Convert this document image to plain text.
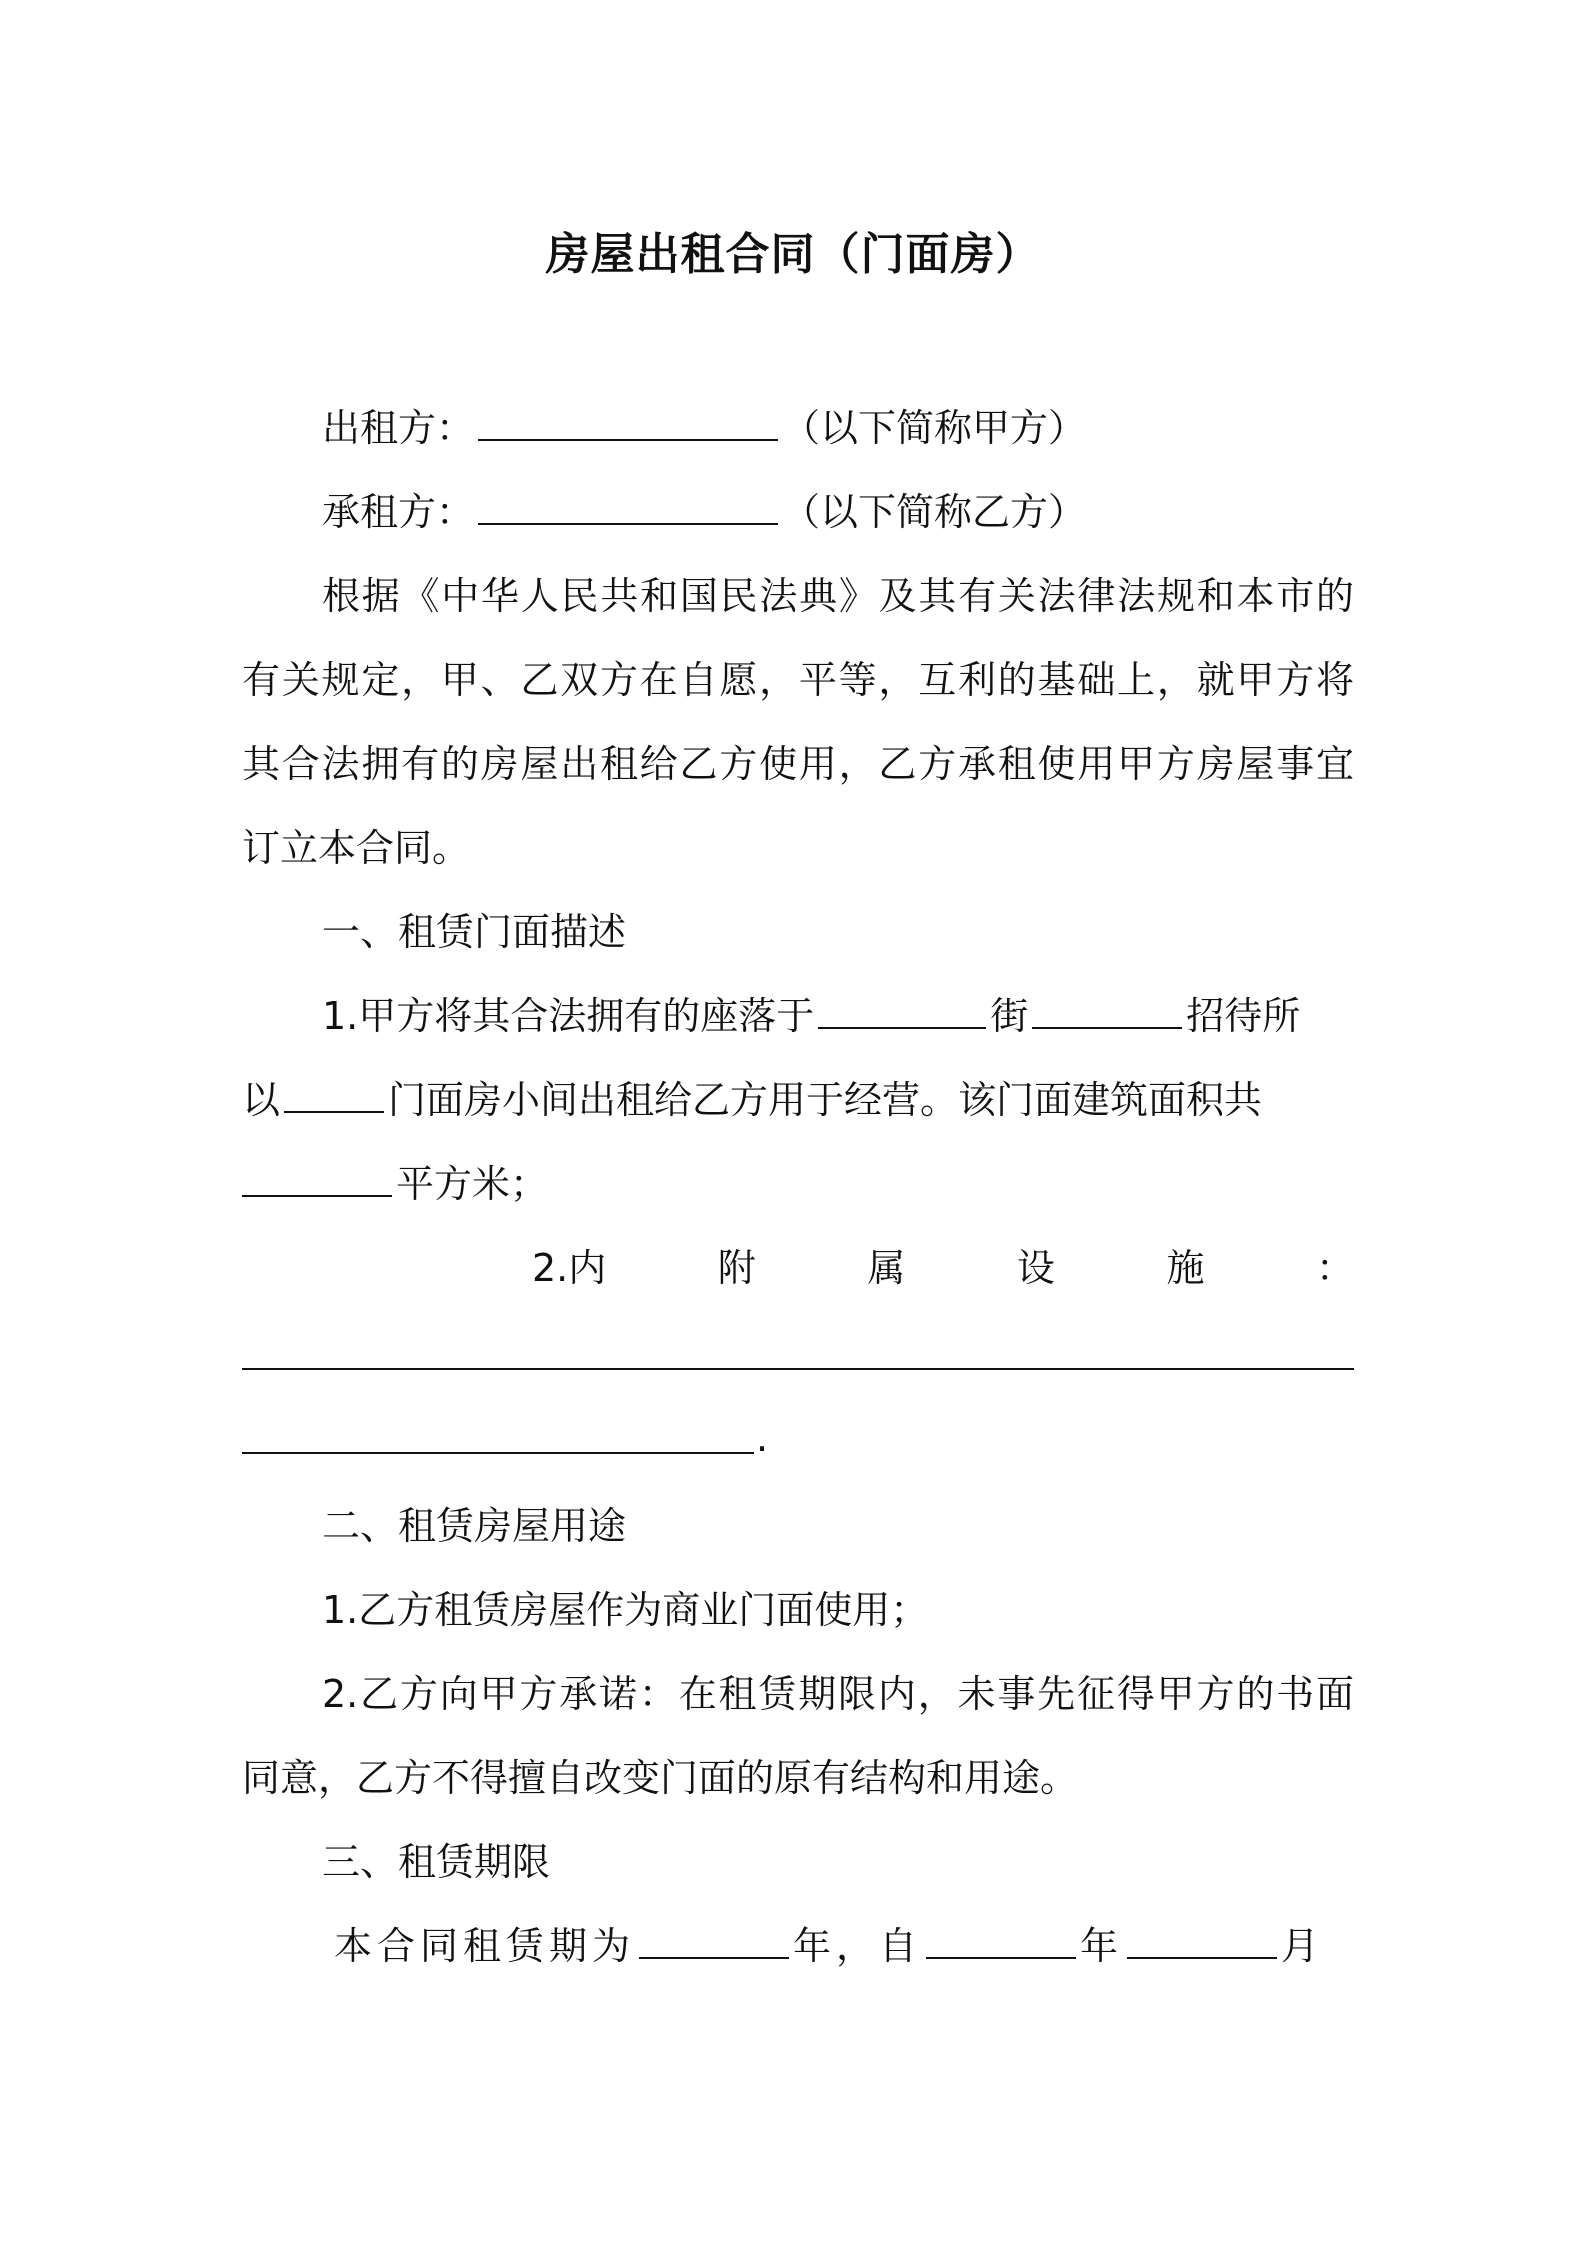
房屋出租合同（门面房）

出租方：	（以下简称甲方）

承租方：	（以下简称乙方）

根据《中华人民共和国民法典》及其有关法律法规和本市的

有关规定，甲、乙双方在自愿，平等，互利的基础上，就甲方将

其合法拥有的房屋出租给乙方使用，乙方承租使用甲方房屋事宜

订立本合同。

一、租赁门面描述

1.甲方将其合法拥有的座落于	街	招待所

以	门面房小间出租给乙方用于经营。该门面建筑面积共

平方米；

2.内	附	属	设	施	：

.

二、租赁房屋用途

1.乙方租赁房屋作为商业门面使用；

2.乙方向甲方承诺：在租赁期限内，未事先征得甲方的书面

同意，乙方不得擅自改变门面的原有结构和用途。

三、租赁期限

本合同租赁期为	年，自	年	月
